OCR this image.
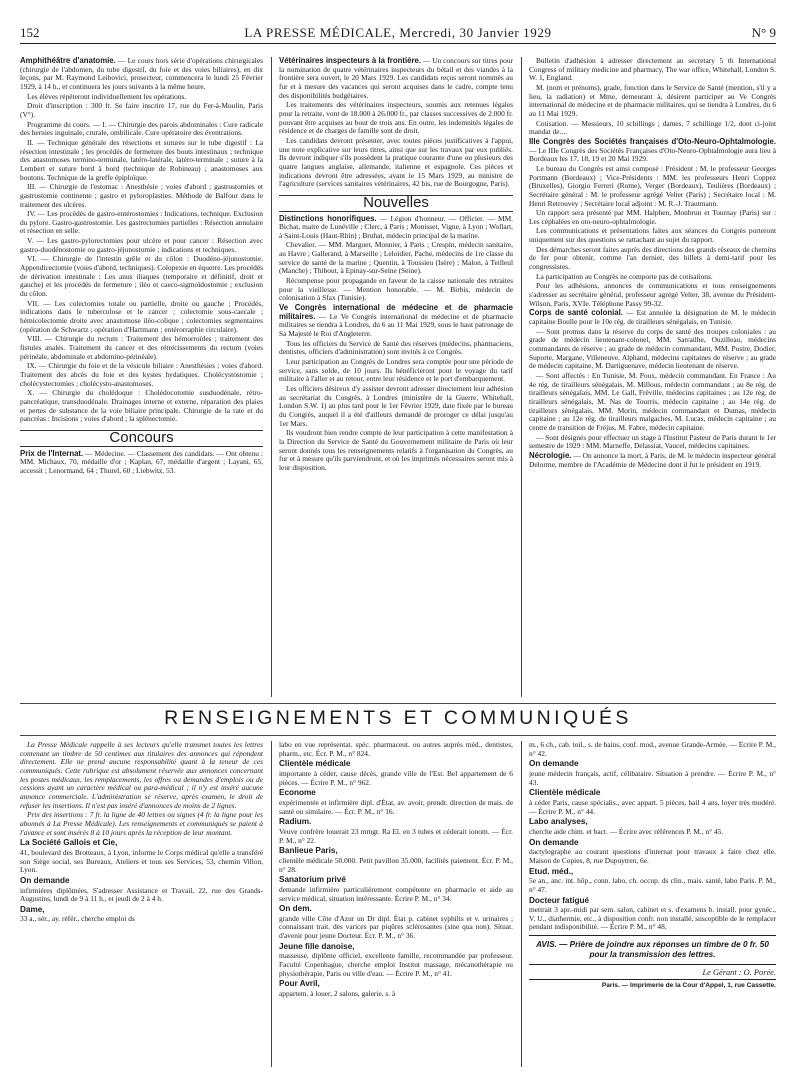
152	LA PRESSE MÉDICALE, Mercredi, 30 Janvier 1929	N° 9

Amphithéâtre d'anatomie. — Le cours hors série d'opérations chirurgicales (chirurgie de l'abdomen, du tube digestif, du foie et des voies biliaires), en dix leçons, par M. Raymond Leibovici, prosecteur, commencera le lundi 25 Février 1929, à 14 h., et continuera les jours suivants à la même heure.

Les élèves répéteront individuellement les opérations.

Droit d'inscription : 300 fr. Se faire inscrire 17, rue du Fer-à-Moulin, Paris (V°).

Programme du cours. — I. — Chirurgie des parois abdominales : Cure radicale des hernies inguinale, crurale, ombilicale. Cure opératoire des éventrations.

II. — Technique générale des résections et sutures sur le tube digestif : La résection intestinale ; les procédés de fermeture des bouts intestinaux ; technique des anastomoses termino-terminale, latéro-latérale, latéro-terminale ; suture à la Lembert et suture bord à bord (technique de Robineau) ; anastomoses aux boutons. Technique de la greffe épiploïque.

III. — Chirurgie de l'estomac : Anesthésie ; voies d'abord ; gastrostomies et gastrostomie continente ; gastro et pyloroplasties. Méthode de Balfour dans le traitement des ulcères.

IV. — Les procédés de gastro-entérostomies : Indications, technique. Exclusion du pylore. Gastro-gastrostomie. Les gastrectomies partielles : Résection annulaire et résection en selle.

V. — Les gastro-pylorectomies pour ulcère et pour cancer : Résection avec gastro-duodénostomie ou gastro-jéjunostomie ; indications et techniques.

VI. — Chirurgie de l'intestin grêle et du côlon : Duodéno-jéjunostomie. Appendicectomie (voies d'abord, techniques). Colopexie en équerre. Les procédés de dérivation intestinale : Les anus iliaques (temporaire et définitif, droit et gauche) et les procédés de fermeture ; iléo et caeco-sigmoïdostomie ; exclusion du côlon.

VII. — Les colectomies totale ou partielle, droite ou gauche ; Procédés, indications dans le tuberculose et le cancer ; colectomie sous-caecale ; hémicolectomie droite avec anastomose iléo-colique ; colectomies segmentaires (opération de Schwartz ; opération d'Hartmann ; entérorraphie circulaire).

VIII. — Chirurgie du rectum : Traitement des hémorroïdes ; traitement des fistules anales. Traitement du cancer et des rétrécissements du rectum (voies périnéale, abdominale et abdomino-périnéale).

IX. — Chirurgie du foie et de la vésicule biliaire : Anesthésies ; voies d'abord. Traitement des abcès du foie et des kystes hydatiques. Cholécystostomie ; cholécystectomies ; cholécysto-anastomoses.

X. — Chirurgie du cholédoque : Cholédocotomie susduodénale, rétro-pancréatique, transduodénale. Drainages interne et externe, réparation des plaies et pertes de substance de la voie biliaire principale. Chirurgie de la rate et du pancréas : Incisions ; voies d'abord ; la splénectomie.

Concours

Prix de l'Internat. — Médecine. — Classement des candidats. — Ont obtenu : MM. Michaux, 70, médaille d'or ; Kaplan, 67, médaille d'argent ; Layani, 65, accessit ; Lenormand, 64 ; Thurel, 60 ; Liebwitz, 53.

Vétérinaires inspecteurs à la frontière. — Un concours sur titres pour la nomination de quatre vétérinaires inspecteurs du bétail et des viandes à la frontière sera ouvert, le 20 Mars 1929. Les candidats reçus seront nommés au fur et à mesure des vacances qui seront acquises dans le cadre, compte tenu des disponibilités budgétaires.

Les traitements des vétérinaires inspecteurs, soumis aux retenues légales pour la retraite, vont de 18.000 à 26.000 fr., par classes successives de 2.000 fr. pouvant être acquises au bout de trois ans. En outre, les indemnités légales de résidence et de charges de famille sont de droit.

Les candidats devront présenter, avec toutes pièces justificatives à l'appui, une note explicative sur leurs titres, ainsi que sur les travaux par eux publiés. Ils devront indiquer s'ils possèdent la pratique courante d'une ou plusieurs des quatre langues anglaise, allemande, italienne et espagnole. Ces pièces et indications devront être adressées, avant le 15 Mars 1929, au ministre de l'agriculture (services sanitaires vétérinaires, 42 bis, rue de Bourgogne, Paris).

Nouvelles

Distinctions honorifiques. — Légion d'honneur. — Officier. — MM. Bichat, maire de Lunéville ; Clerc, à Paris ; Monisset, Vigne, à Lyon ; Wollart, à Saint-Louis (Haut-Rhin) ; Bruhat, médecin principal de la marine.

Chevalier. — MM. Marguet, Monnier, à Paris ; Crespin, médecin sanitaire, au Havre ; Gallerand, à Marseille ; Leloidier, Pache, médecins de 1re classe du service de santé de la marine ; Quentin, à Toussieu (Isère) ; Malon, à Teilleul (Manche) ; Thibout, à Epinay-sur-Seine (Seine).

Récompense pour propagande en faveur de la caisse nationale des retraites pour la vieillesse. — Mention honorable. — M. Birbis, médecin de colonisation à Sfax (Tunisie).

Ve Congrès international de médecine et de pharmacie militaires. — Le Ve Congrès international de médecine et de pharmacie militaires se tiendra à Londres, du 6 au 11 Mai 1929, sous le haut patronage de Sa Majesté le Roi d'Angleterre.

Tous les officiers du Service de Santé des réserves (médecins, pharmaciens, dentistes, officiers d'administration) sont invités à ce Congrès.

Leur participation au Congrès de Londres sera comptée pour une période de service, sans solde, de 10 jours. Ils bénéficieront pour le voyage du tarif militaire à l'aller et au retour, entre leur résidence et le port d'embarquement.

Les officiers désireux d'y assister devront adresser directement leur adhésion au secrétariat du Congrès, à Londres (ministère de la Guerre, Whitehall, London S.W. 1) au plus tard pour le 1er Février 1929, date fixée par le bureau du Congrès, auquel il a été d'ailleurs demandé de proroger ce délai jusqu'au 1er Mars.

Ils voudront bien rendre compte de leur participation à cette manifestation à la Direction du Service de Santé du Gouvernement militaire de Paris où leur seront donnés tous les renseignements relatifs à l'organisation du Congrès, au fur et à mesure qu'ils parviendront, et où les imprimés nécessaires seront mis à leur disposition.

Bulletin d'adhésion à adresser directement au secretary 5 th International Congress of military medicine and pharmacy, The war office, Whitehall, London S. W. 1, England.

M. (nom et prénoms), grade, fonction dans le Service de Santé (mention, s'il y a lieu, la radiation) et Mme, demeurant à, désirent participer au Ve Congrès international de médecine et de pharmacie militaires, qui se tiendra à Londres, du 6 au 11 Mai 1929.

Cotisation. — Messieurs, 10 schillings ; dames, 7 schillinge 1/2, dont ci-joint mandat de....

IIIe Congrès des Sociétés françaises d'Oto-Neuro-Ophtalmologie. — Le IIIe Congrès des Sociétés Françaises d'Oto-Neuro-Ophtalmologie aura lieu à Bordeaux les 17, 18, 19 et 20 Mai 1929.

Le bureau du Congrès est ainsi composé : Président : M. le professeur Georges Portmann (Bordeaux) ; Vice-Présidents : MM. les professeurs Henri Coppez (Bruxelles), Giorgio Ferreri (Rome), Verger (Bordeaux), Teulières (Bordeaux) ; Secrétaire général : M. le professeur agrégé Velter (Paris) ; Secrétaire local : M. Henri Retrouvey ; Secrétaire local adjoint : M. R.-J. Trautmann.

Un rapport sera présenté par MM. Halphen, Monbrun et Tournay (Paris) sur : Les céphalées en oto-neuro-ophtalmologie.

Les communications et présentations faites aux séances du Congrès porteront uniquement sur des questions se rattachant au sujet du rapport.

Des démarches seront faites auprès des directions des grands réseaux de chemins de fer pour obtenir, comme l'an dernier, des billets à demi-tarif pour les congressistes.

La participation au Congrès ne comporte pas de cotisations.

Pour les adhésions, annonces de communications et tous renseignements s'adresser au secrétaire général, professeur agrégé Velter, 38, avenue du Président-Wilson, Paris, XVIe. Téléphone Passy 99-32.

Corps de santé colonial. — Est annulée la désignation de M. le médecin capitaine Boulle pour le 10e rég. de tirailleurs sénégalais, en Tunisie.

— Sont promus dans la réserve du corps de santé des troupes coloniales : au grade de médecin lieutenant-colonel, MM. Sarrailhe, Ouzilleau, médecins commandants de réserve ; au grade de médecin commandant, MM. Postre, Dodier, Suporte, Margane, Villeneuve, Alphand, médecins capitaines de réserve ; au grade de médecin capitaine, M. Dartiguenave, médecin lieutenant de réserve.

— Sont affectés : En Tunisie, M. Poux, médecin commandant. En France : Au 4e rég. de tirailleurs sénégalais, M. Millous, médecin commandant ; au 8e rég. de tirailleurs sénégalais, MM. Le Gall, Fréville, médecins capitaines ; au 12e rég. de tirailleurs sénégalais, M. Nas de Tourris, médecin capitaine ; au 14e rég. de tirailleurs sénégalais, MM. Morin, médecin commandant et Dumas, médecin capitaine ; au 12e rég. de tirailleurs malgaches, M. Lucas, médecin capitaine ; au centre de transition de Fréjus, M. Fabre, médecin capitaine.

— Sont désignés pour effectuer un stage à l'Institut Pasteur de Paris durant le 1er semestre de 1929 : MM. Marneffe, Delassiat, Vaucel, médecins capitaines.

Nécrologie. — On annonce la mort, à Paris, de M. le médecin inspecteur général Delorme, membre de l'Académie de Médecine dont il fut le président en 1919.

RENSEIGNEMENTS ET COMMUNIQUÉS

La Presse Médicale rappelle à ses lecteurs qu'elle transmet toutes les lettres contenant un timbre de 50 centimes aux titulaires des annonces qui répondent directement. Elle ne prend aucune responsabilité quant à la teneur de ces communiqués. Cette rubrique est absolument réservée aux annonces concernant les postes médicaux, les remplacements, les offres ou demandes d'emplois ou de cessions ayant un caractère médical ou para-médical ; il n'y est inséré aucune annonce commerciale. L'administration se réserve, après examen, le droit de refuser les insertions. Il n'est pas inséré d'annonces de moins de 2 lignes.

Prix des insertions : 7 fr. la ligne de 40 lettres ou signes (4 fr. la ligne pour les abonnés à La Presse Médicale). Les renseignements et communiqués se paient à l'avance et sont insérés 8 à 10 jours après la réception de leur montant.

La Société Gallois et Cie,
41, boulevard des Brotteaux, à Lyon, informe le Corps médical qu'elle a transféré son Siège social, ses Bureaux, Ateliers et tous ses Services, 53, chemin Villon, Lyon.

On demande
infirmières diplômées. S'adresser Assistance et Travail, 22, rue des Grands-Augustins, lundi de 9 à 11 h., et jeudi de 2 à 4 h.

Dame,
33 a., sér., ay. référ., cherche emploi ds

labo en vue représentat. spéc. pharmaceut. ou autres auprès méd., dentistes, pharm., etc. Écr. P. M., n° 824.

Clientèle médicale
importante à céder, cause décès, grande ville de l'Est. Bel appartement de 6 pièces. — Écrire P. M., n° 962.

Econome
expérimentée et infirmière dipl. d'État, av. avoir, prendr. direction de mais. de santé ou similaire. — Écr. P. M., n° 16.

Radium.
Veuve confrère louerait 23 mmgr. Ra El. en 3 tubes et céderait ionom. — Écr. P. M., n° 22.

Banlieue Paris,
clientèle médicale 50.000. Petit pavillon 35.000, facilités paiement. Écr. P. M., n° 28.

Sanatorium privé
demande infirmière particulièrement compétente en pharmacie et aide au service médical, situation intéressante. Écrire P. M., n° 34.

On dem.
grande ville Côte d'Azur un Dr dipl. État p. cabinet syphilis et v. urinaires ; connaissant trait. des varices par piqûres sclérosantes (sine qua non). Situat. d'avenir pour jeune Docteur. Écr. P. M., n° 36.

Jeune fille danoise,
masseuse, diplôme officiel, excellente famille, recommandée par professeur. Faculté Copenhague, cherche emploi Institut massage, mécanothérapie ou physiothérapie, Paris ou ville d'eau. — Écrire P. M., n° 41.

Pour Avril,
appartem. à louer, 2 salons, galerie, s. à

m., 6 ch., cab. toil., s. de bains, conf. mod., avenue Grande-Armée. — Écrire P. M., n° 42.

On demande
jeune médecin français, actif, célibataire. Situation à prendre. — Écrire P. M., n° 43.

Clientèle médicale
à céder Paris, cause spécialis., avec appart. 5 pièces, bail 4 ans, loyer très modéré. — Écrire P. M., n° 44.

Labo analyses,
cherche aide chim. et bact. — Écrire avec références P. M., n° 45.

On demande
dactylographe au courant questions d'internat pour travaux à faire chez elle. Maison de Copies, 8, rue Dupuytren, 6e.

Etud. méd.,
5e an., anc. int. hôp., conn. labo, ch. occup. ds clin., mais. santé, labo Paris. P. M., n° 47.

Docteur fatigué
mettrait 3 apr.-midi par sem. salon, cabinet et s. d'examens b. install. pour gynéc., V. U., diathermie, etc., à disposition confr. non installé, susceptible de le remplacer pendant indisponibilité. — Écrire P. M., n° 48.

AVIS. — Prière de joindre aux réponses un timbre de 0 fr. 50 pour la transmission des lettres.

Le Gérant : O. Porée.

Paris. — Imprimerie de la Cour d'Appel, 1, rue Cassette.
